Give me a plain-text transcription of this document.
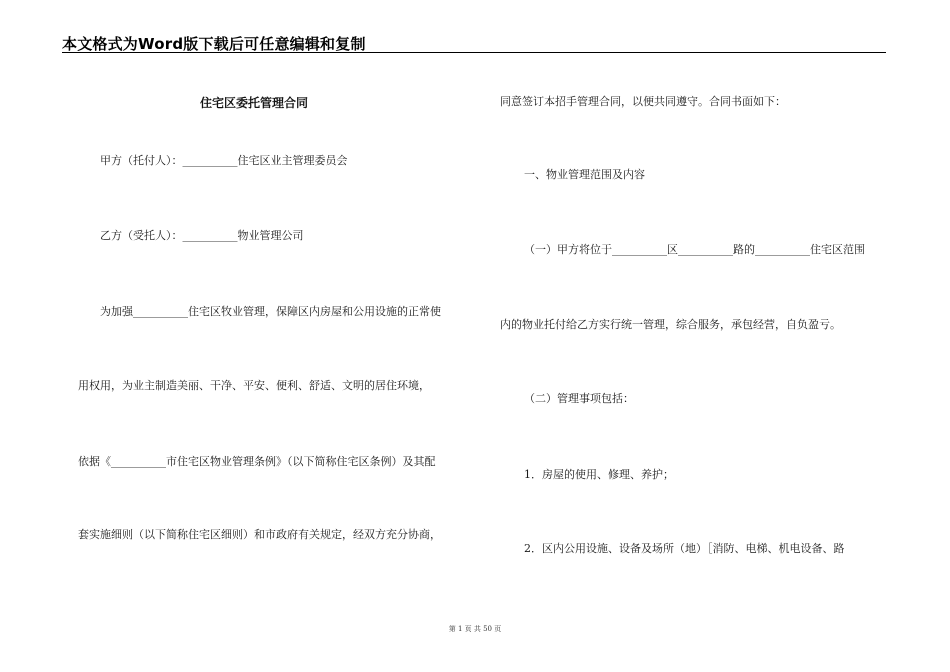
本文格式为Word版下载后可任意编辑和复制
住宅区委托管理合同
甲方（托付人）：__________住宅区业主管理委员会
乙方（受托人）：__________物业管理公司
为加强__________住宅区牧业管理，保障区内房屋和公用设施的正常使
用权用，为业主制造美丽、干净、平安、便利、舒适、文明的居住环境，
依据《__________市住宅区物业管理条例》（以下简称住宅区条例）及其配
套实施细则（以下简称住宅区细则）和市政府有关规定，经双方充分协商，
同意签订本招手管理合同，以便共同遵守。合同书面如下：
一、物业管理范围及内容
（一）甲方将位于__________区__________路的__________住宅区范围
内的物业托付给乙方实行统一管理，综合服务，承包经营，自负盈亏。
（二）管理事项包括：
1．房屋的使用、修理、养护；
2．区内公用设施、设备及场所（地）［消防、电梯、机电设备、路
第 1 页 共 50 页
